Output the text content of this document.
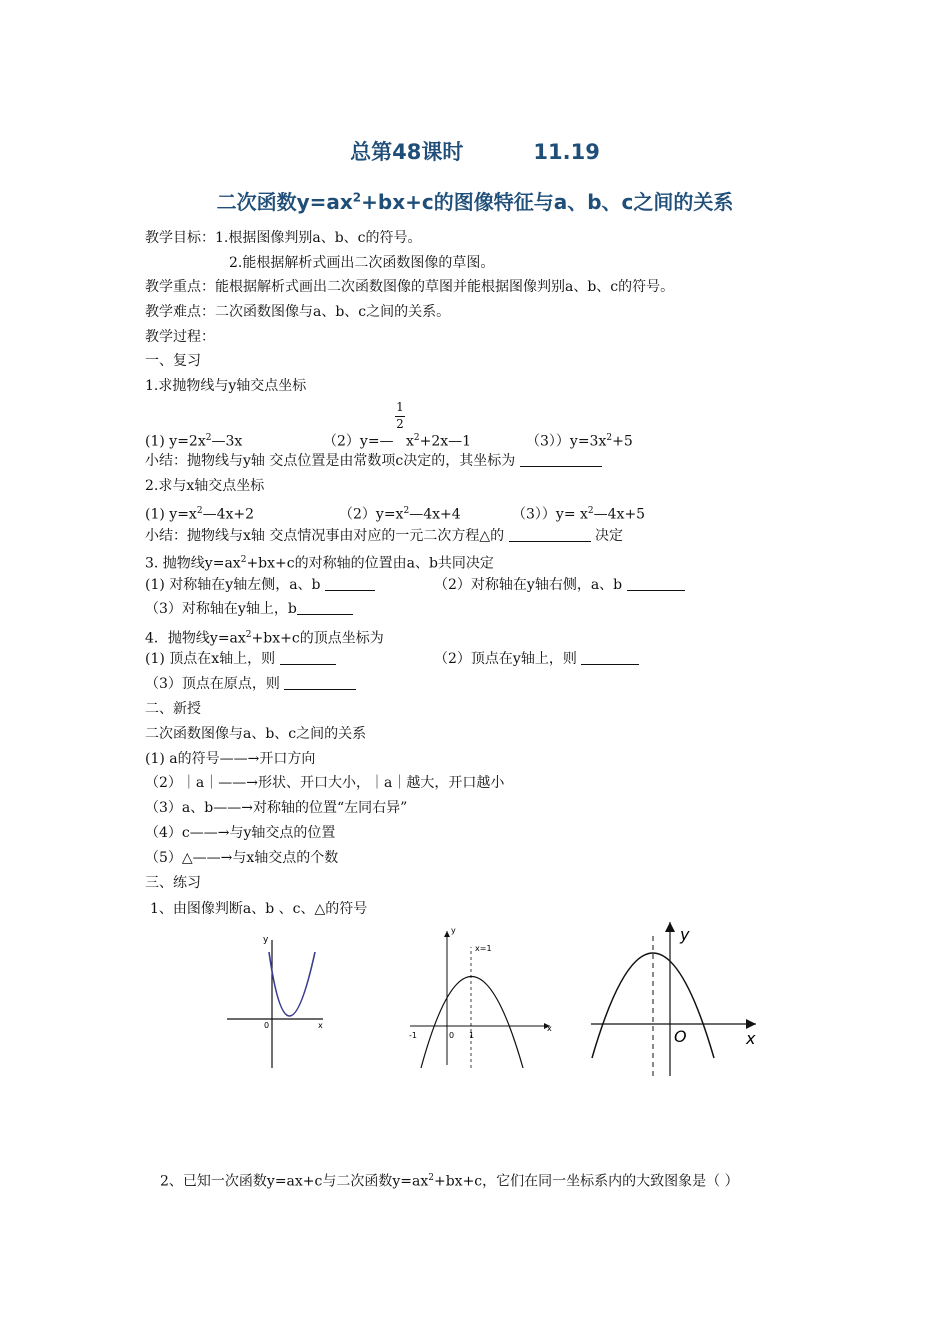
总第48课时	11.19
二次函数$y=ax^2+bx+c$的图像特征与a、b、c之间的关系
教学目标：1.根据图像判别a、b、c的符号。
2.能根据解析式画出二次函数图像的草图。
教学重点：能根据解析式画出二次函数图像的草图并能根据图像判别a、b、c的符号。
教学难点：二次函数图像与a、b、c之间的关系。
教学过程：
一、复习
1.求抛物线与y轴交点坐标
(1) $y=2x^2—3x$	（2）y=— $x^2+2x—1$
$\frac{1}{2}$
$(3))y=3x^2+5$
小结：抛物线与y轴 交点位置是由常数项c决定的，其坐标为
2.求与x轴交点坐标
(1) $y=x^2—4x+2$	$(2)y=x^2—4x+4$	$(3))y= x^2—4x+5$
小结：抛物线与x轴 交点情况事由对应的一元二次方程△的	决定
3. 抛物线$y=ax^2+bx+c$的对称轴的位置由a、b共同决定
(1) 对称轴在y轴左侧，a、b	（2）对称轴在y轴右侧，a、b
（3）对称轴在y轴上，b
4．抛物线$y=ax^2+bx+c$的顶点坐标为
(1) 顶点在x轴上，则	（2）顶点在y轴上，则
（3）顶点在原点，则
二、新授
二次函数图像与a、b、c之间的关系
(1) a的符号——→开口方向
（2）｜a｜——→形状、开口大小，｜a｜越大，开口越小
（3）a、b——→对称轴的位置“左同右异”
（4）c——→与y轴交点的位置
（5）△——→与x轴交点的个数
三、练习
1、由图像判断a、b 、c、△的符号
y
0	x
y
x=1
-1	0 1
x
y
O	x
2、已知一次函数y=ax+c与二次函数$y=ax^2+bx+c$，它们在同一坐标系内的大致图象是（ ）
